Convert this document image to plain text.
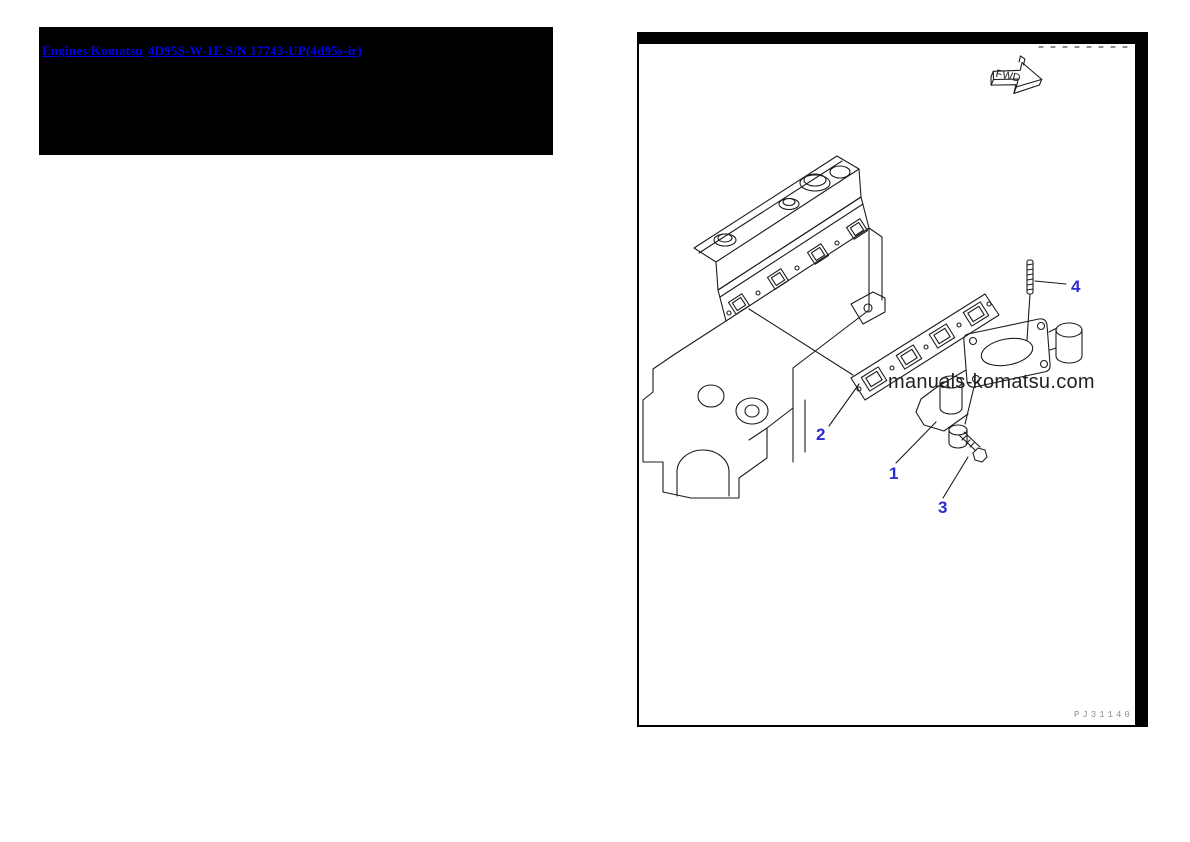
Engines Komatsu 4D95S-W-1E S/N 17743-UP(4d95s-ir)
FWD
manuals-komatsu.com
1
2
3
4
PJ31140
